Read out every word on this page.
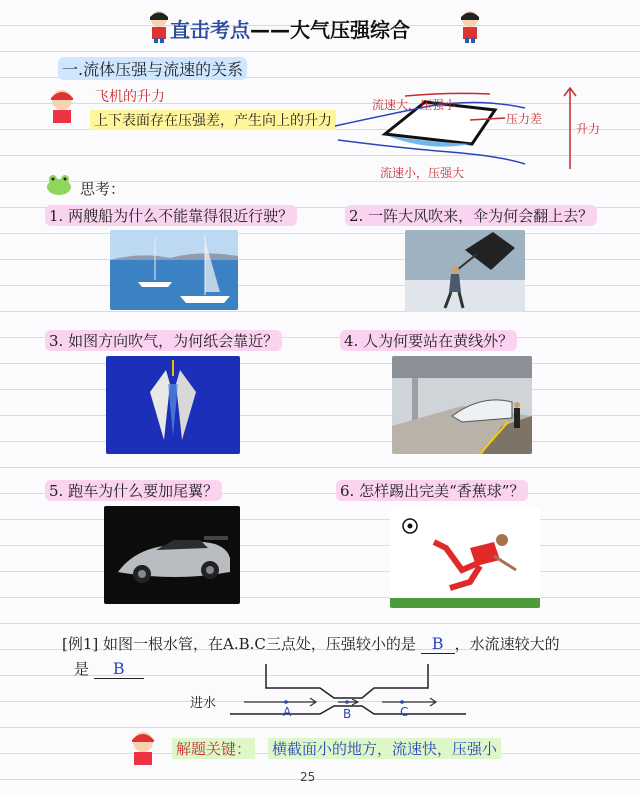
直击考点——大气压强综合
一.流体压强与流速的关系
飞机的升力
上下表面存在压强差，产生向上的升力
流速大，压强小
流速小，压强大
压力差
升力
思考：
1. 两艘船为什么不能靠得很近行驶？	2. 一阵大风吹来，伞为何会翻上去？
3. 如图方向吹气，为何纸会靠近？	4. 人为何要站在黄线外？
5. 跑车为什么要加尾翼？	6. 怎样踢出完美“香蕉球”？
[例1] 如图一根水管，在A.B.C三点处，压强较小的是 B ，水流速较大的
是 B
进水
A	B	C
解题关键： 横截面小的地方，流速快，压强小
25
